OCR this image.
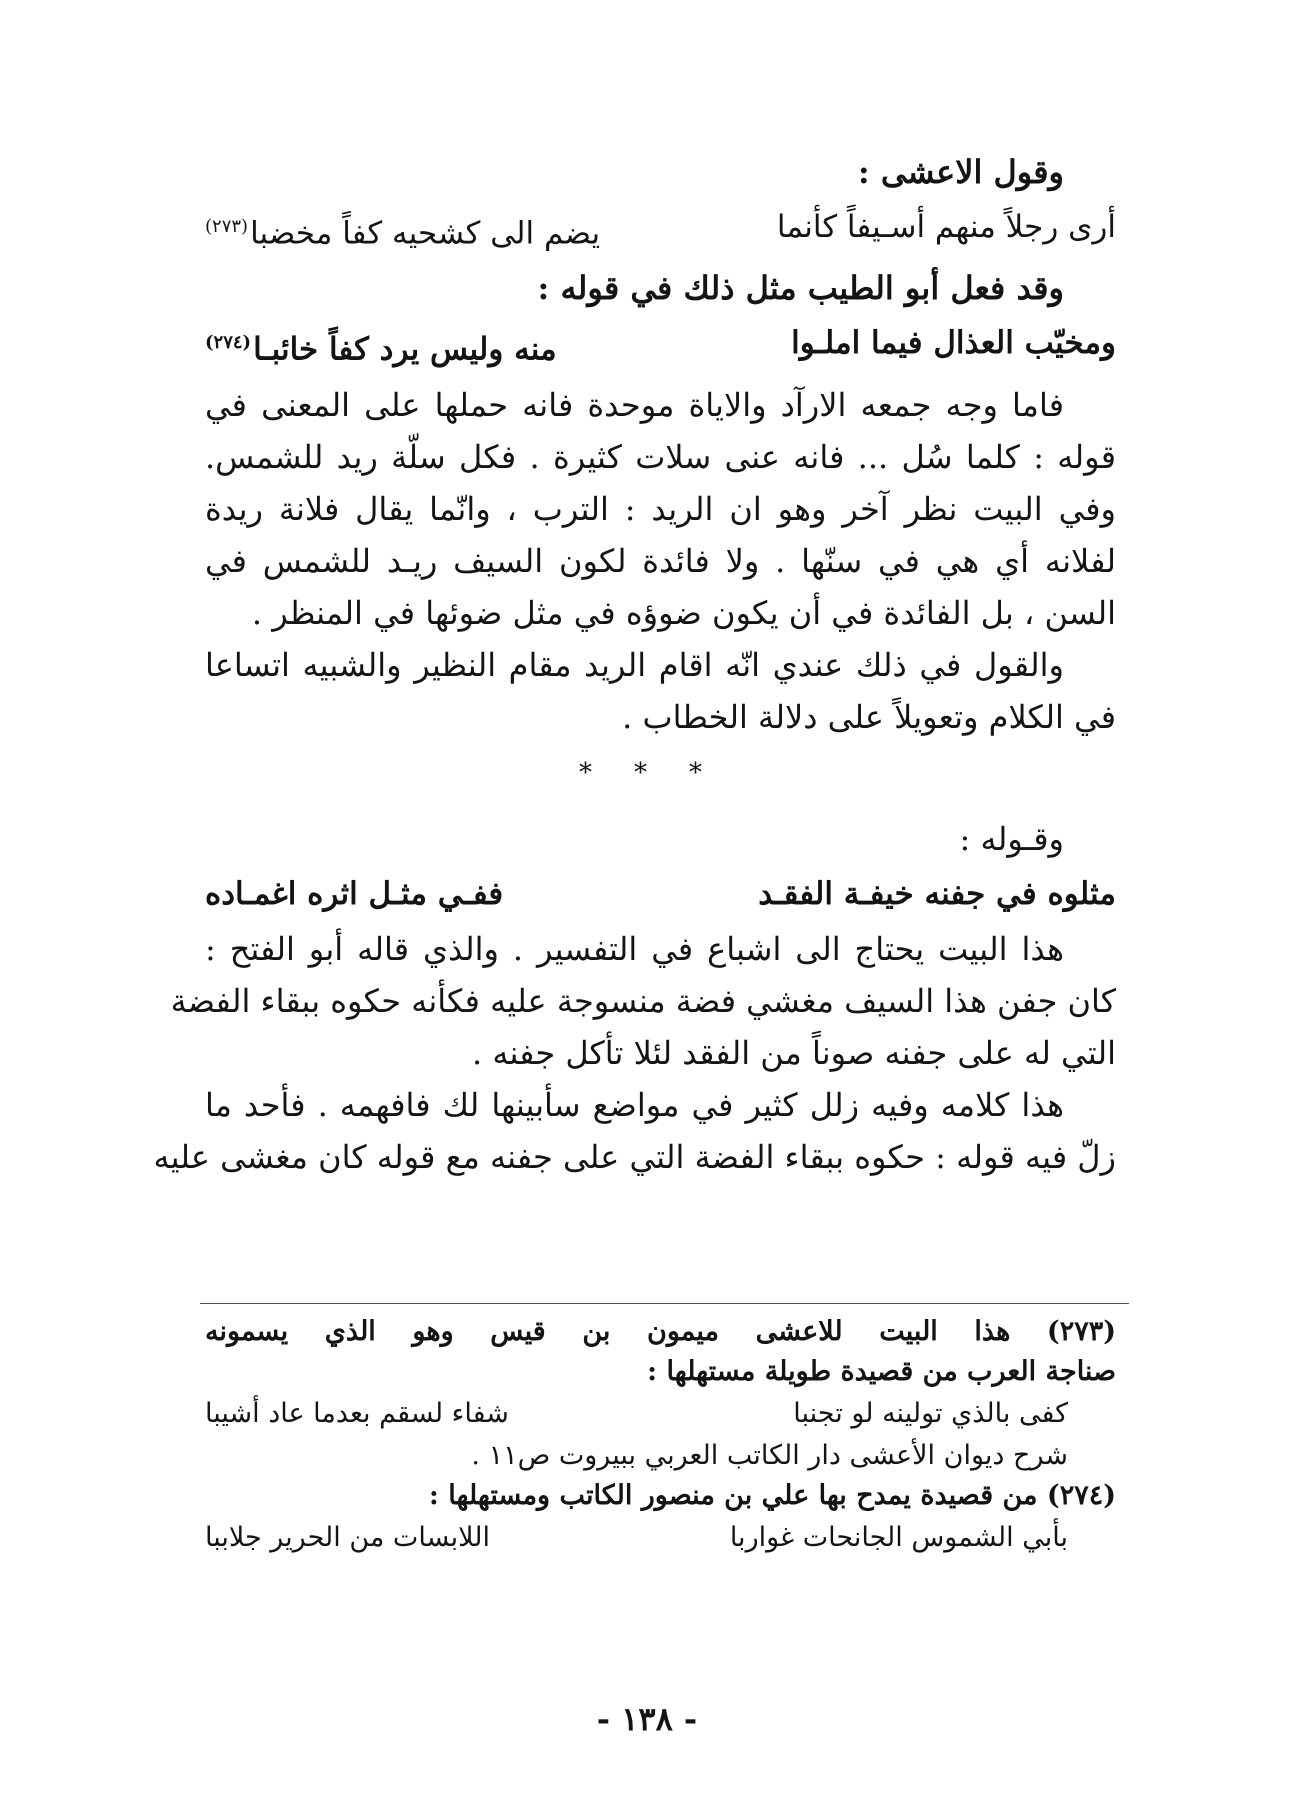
وقول الاعشى :
أرى رجلاً منهم أسـيفاً كأنما
يضم الى كشحيه كفاً مخضبا$^{(٢٧٣)}$
وقد فعل أبو الطيب مثل ذلك في قوله :
ومخيّب العذال فيما املـوا
منه وليس يرد كفاً خائبـا$^{(٢٧٤)}$
فاما وجه جمعه الارآد والاياة موحدة فانه حملها على المعنى في
قوله : كلما سُل ... فانه عنى سلات كثيرة . فكل سلّة ريد للشمس.
وفي البيت نظر آخر وهو ان الريد : الترب ، وانّما يقال فلانة ريدة
لفلانه أي هي في سنّها . ولا فائدة لكون السيف ريـد للشمس في
السن ، بل الفائدة في أن يكون ضوؤه في مثل ضوئها في المنظر .
والقول في ذلك عندي انّه اقام الريد مقام النظير والشبيه اتساعا
في الكلام وتعويلاً على دلالة الخطاب .
* * *
وقـوله :
مثلوه في جفنه خيفـة الفقـد
ففـي مثـل اثره اغمـاده
هذا البيت يحتاج الى اشباع في التفسير . والذي قاله أبو الفتح :
كان جفن هذا السيف مغشي فضة منسوجة عليه فكأنه حكوه ببقاء الفضة
التي له على جفنه صوناً من الفقد لئلا تأكل جفنه .
هذا كلامه وفيه زلل كثير في مواضع سأبينها لك فافهمه . فأحد ما
زلّ فيه قوله : حكوه ببقاء الفضة التي على جفنه مع قوله كان مغشى عليه
(٢٧٣) هذا البيت للاعشى ميمون بن قيس وهو الذي يسمونه
صناجة العرب من قصيدة طويلة مستهلها :
كفى بالذي تولينه لو تجنبا
شفاء لسقم بعدما عاد أشيبا
شرح ديوان الأعشى دار الكاتب العربي ببيروت ص١١ .
(٢٧٤) من قصيدة يمدح بها علي بن منصور الكاتب ومستهلها :
بأبي الشموس الجانحات غواربا
اللابسات من الحرير جلاببا
- ١٣٨ -
